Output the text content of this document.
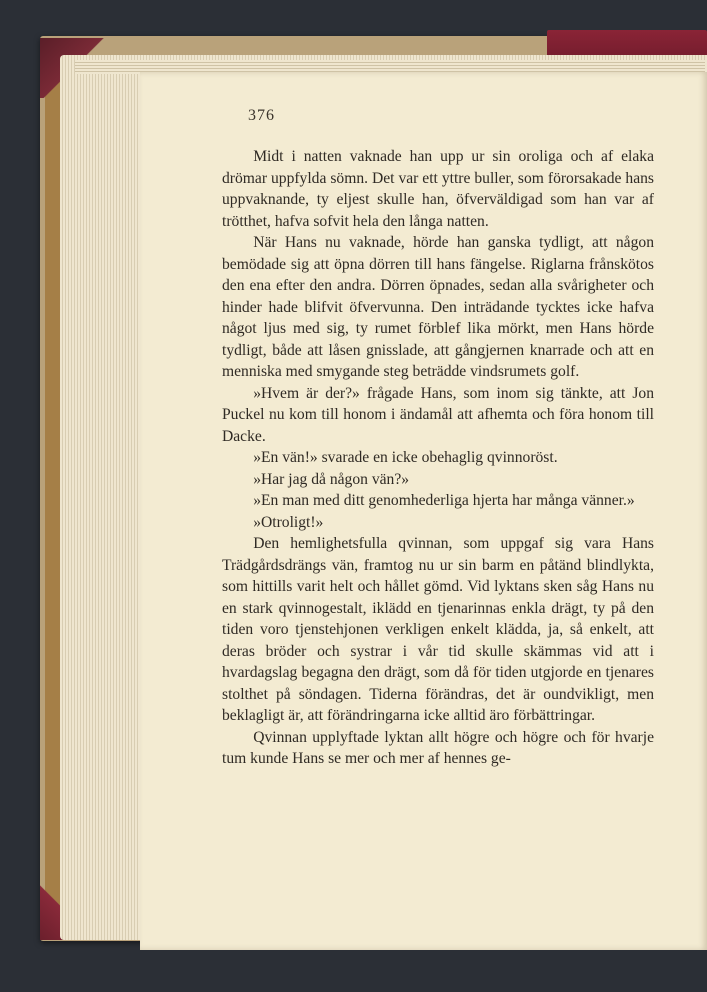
376

Midt i natten vaknade han upp ur sin oroliga och af elaka drömar uppfylda sömn. Det var ett yttre buller, som förorsakade hans uppvaknande, ty eljest skulle han, öfverväldigad som han var af trötthet, hafva sofvit hela den långa natten.

När Hans nu vaknade, hörde han ganska tydligt, att någon bemödade sig att öpna dörren till hans fängelse. Riglarna frånskötos den ena efter den andra. Dörren öpnades, sedan alla svårigheter och hinder hade blifvit öfvervunna. Den inträdande tycktes icke hafva något ljus med sig, ty rumet förblef lika mörkt, men Hans hörde tydligt, både att låsen gnisslade, att gångjernen knarrade och att en menniska med smygande steg beträdde vindsrumets golf.

»Hvem är der?» frågade Hans, som inom sig tänkte, att Jon Puckel nu kom till honom i ändamål att afhemta och föra honom till Dacke.

»En vän!» svarade en icke obehaglig qvinnoröst.

»Har jag då någon vän?»

»En man med ditt genomhederliga hjerta har många vänner.»

»Otroligt!»

Den hemlighetsfulla qvinnan, som uppgaf sig vara Hans Trädgårdsdrängs vän, framtog nu ur sin barm en påtänd blindlykta, som hittills varit helt och hållet gömd. Vid lyktans sken såg Hans nu en stark qvinnogestalt, iklädd en tjenarinnas enkla drägt, ty på den tiden voro tjenstehjonen verkligen enkelt klädda, ja, så enkelt, att deras bröder och systrar i vår tid skulle skämmas vid att i hvardagslag begagna den drägt, som då för tiden utgjorde en tjenares stolthet på söndagen. Tiderna förändras, det är oundvikligt, men beklagligt är, att förändringarna icke alltid äro förbättringar.

Qvinnan upplyftade lyktan allt högre och högre och för hvarje tum kunde Hans se mer och mer af hennes ge-
